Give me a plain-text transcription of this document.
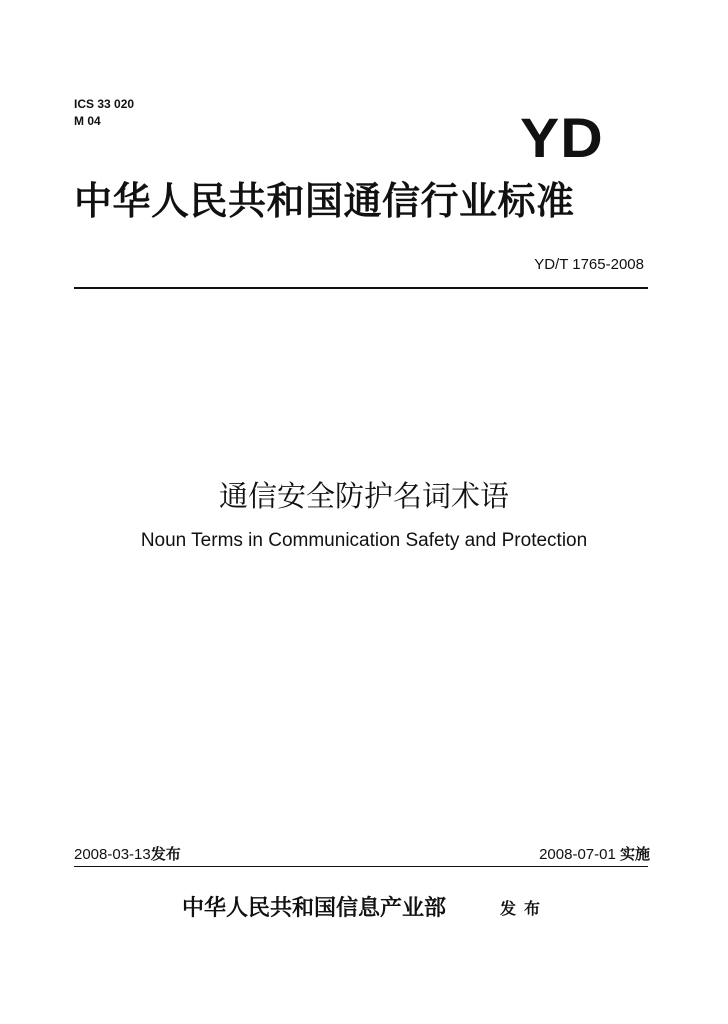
ICS 33 020
M 04	YD
中华人民共和国通信行业标准
YD/T 1765-2008
通信安全防护名词术语
Noun Terms in Communication Safety and Protection
2008-03-13发布	2008-07-01 实施
中华人民共和国信息产业部	发布
